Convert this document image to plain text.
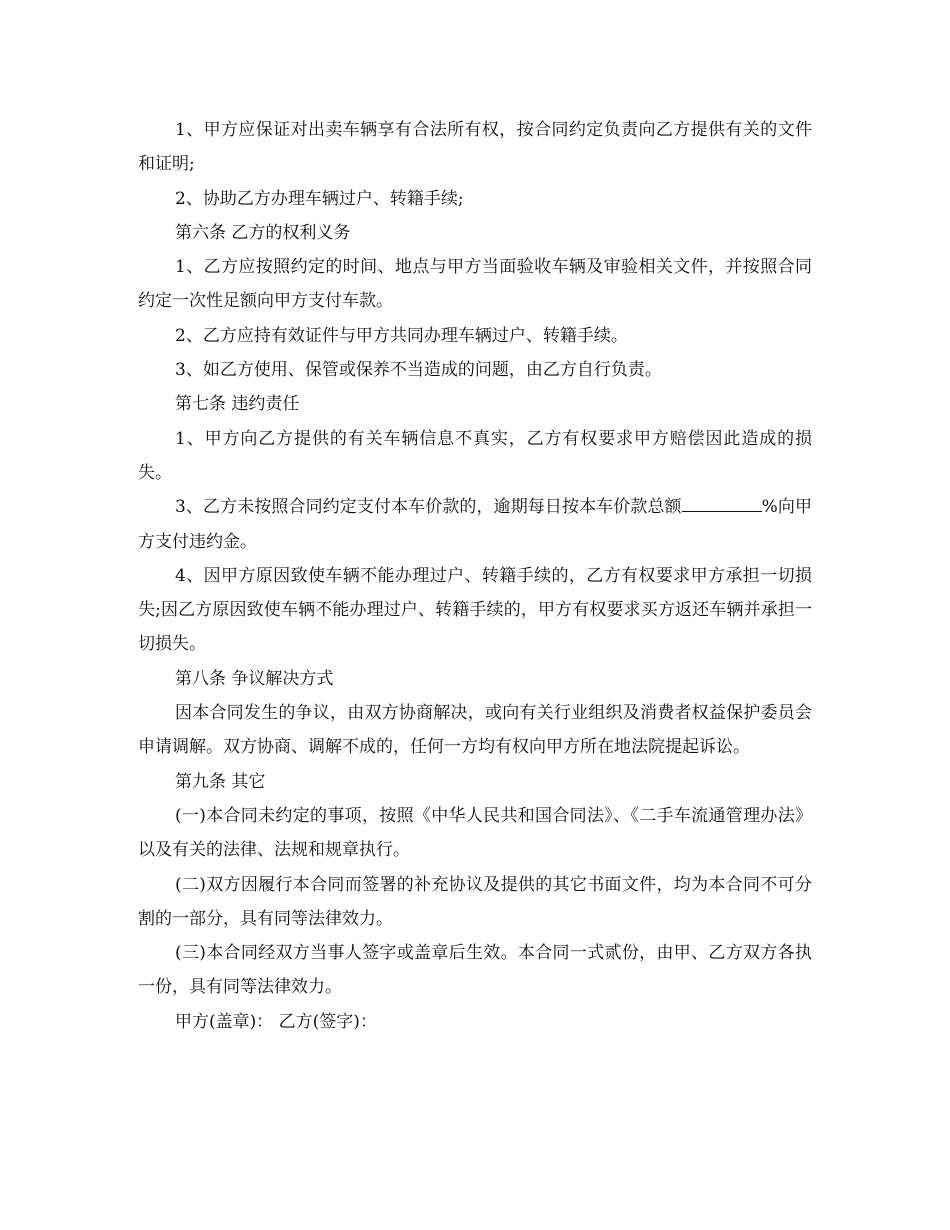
1、甲方应保证对出卖车辆享有合法所有权，按合同约定负责向乙方提供有关的文件和证明;

2、协助乙方办理车辆过户、转籍手续;

第六条 乙方的权利义务

1、乙方应按照约定的时间、地点与甲方当面验收车辆及审验相关文件，并按照合同约定一次性足额向甲方支付车款。

2、乙方应持有效证件与甲方共同办理车辆过户、转籍手续。

3、如乙方使用、保管或保养不当造成的问题，由乙方自行负责。

第七条 违约责任

1、甲方向乙方提供的有关车辆信息不真实，乙方有权要求甲方赔偿因此造成的损失。

3、乙方未按照合同约定支付本车价款的，逾期每日按本车价款总额	%向甲方支付违约金。

4、因甲方原因致使车辆不能办理过户、转籍手续的，乙方有权要求甲方承担一切损失;因乙方原因致使车辆不能办理过户、转籍手续的，甲方有权要求买方返还车辆并承担一切损失。

第八条 争议解决方式

因本合同发生的争议，由双方协商解决，或向有关行业组织及消费者权益保护委员会申请调解。双方协商、调解不成的，任何一方均有权向甲方所在地法院提起诉讼。

第九条 其它

(一)本合同未约定的事项，按照《中华人民共和国合同法》、《二手车流通管理办法》以及有关的法律、法规和规章执行。

(二)双方因履行本合同而签署的补充协议及提供的其它书面文件，均为本合同不可分割的一部分，具有同等法律效力。

(三)本合同经双方当事人签字或盖章后生效。本合同一式贰份，由甲、乙方双方各执一份，具有同等法律效力。

甲方(盖章)： 乙方(签字)：
